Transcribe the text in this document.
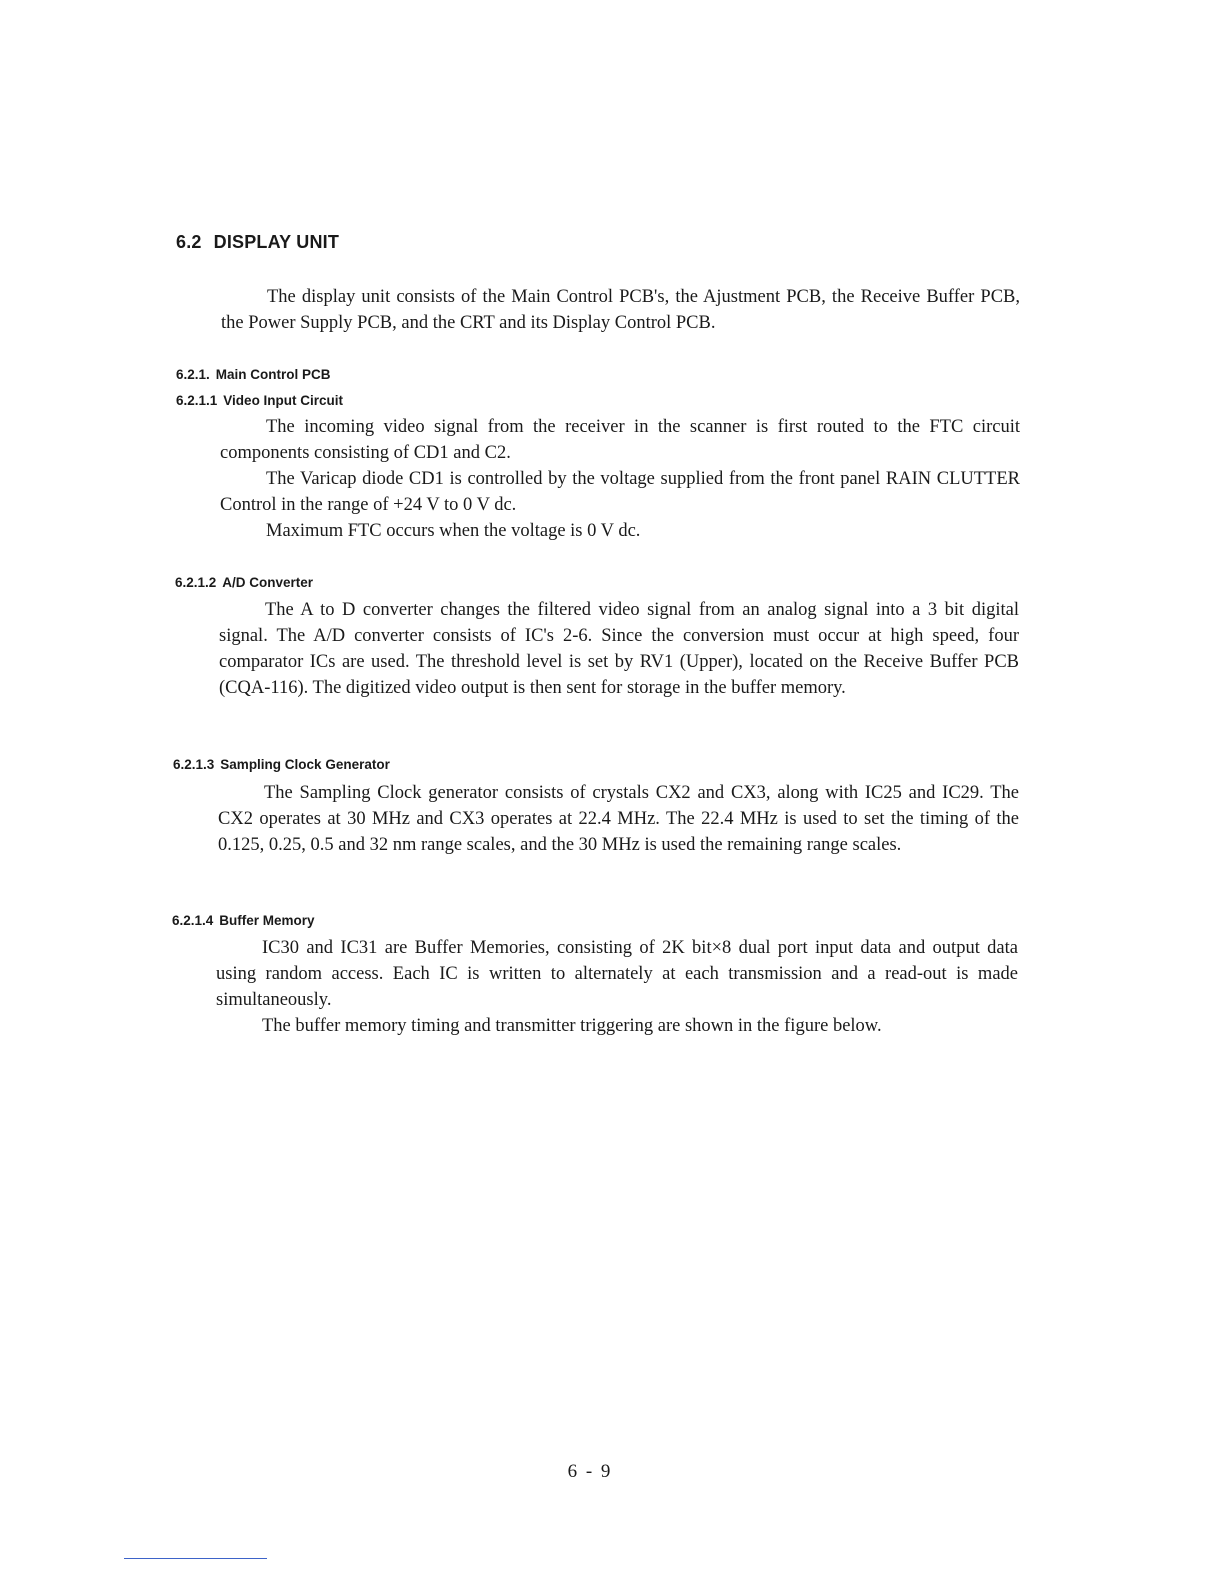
6.2 DISPLAY UNIT

The display unit consists of the Main Control PCB's, the Ajustment PCB, the Receive Buffer PCB, the Power Supply PCB, and the CRT and its Display Control PCB.

6.2.1. Main Control PCB
6.2.1.1 Video Input Circuit

The incoming video signal from the receiver in the scanner is first routed to the FTC circuit components consisting of CD1 and C2.

The Varicap diode CD1 is controlled by the voltage supplied from the front panel RAIN CLUTTER Control in the range of +24 V to 0 V dc.

Maximum FTC occurs when the voltage is 0 V dc.

6.2.1.2 A/D Converter

The A to D converter changes the filtered video signal from an analog signal into a 3 bit digital signal. The A/D converter consists of IC's 2-6. Since the conversion must occur at high speed, four comparator ICs are used. The threshold level is set by RV1 (Upper), located on the Receive Buffer PCB (CQA-116). The digitized video output is then sent for storage in the buffer memory.

6.2.1.3 Sampling Clock Generator

The Sampling Clock generator consists of crystals CX2 and CX3, along with IC25 and IC29. The CX2 operates at 30 MHz and CX3 operates at 22.4 MHz. The 22.4 MHz is used to set the timing of the 0.125, 0.25, 0.5 and 32 nm range scales, and the 30 MHz is used the remaining range scales.

6.2.1.4 Buffer Memory

IC30 and IC31 are Buffer Memories, consisting of 2K bit×8 dual port input data and output data using random access. Each IC is written to alternately at each transmission and a read-out is made simultaneously.

The buffer memory timing and transmitter triggering are shown in the figure below.

6 - 9
